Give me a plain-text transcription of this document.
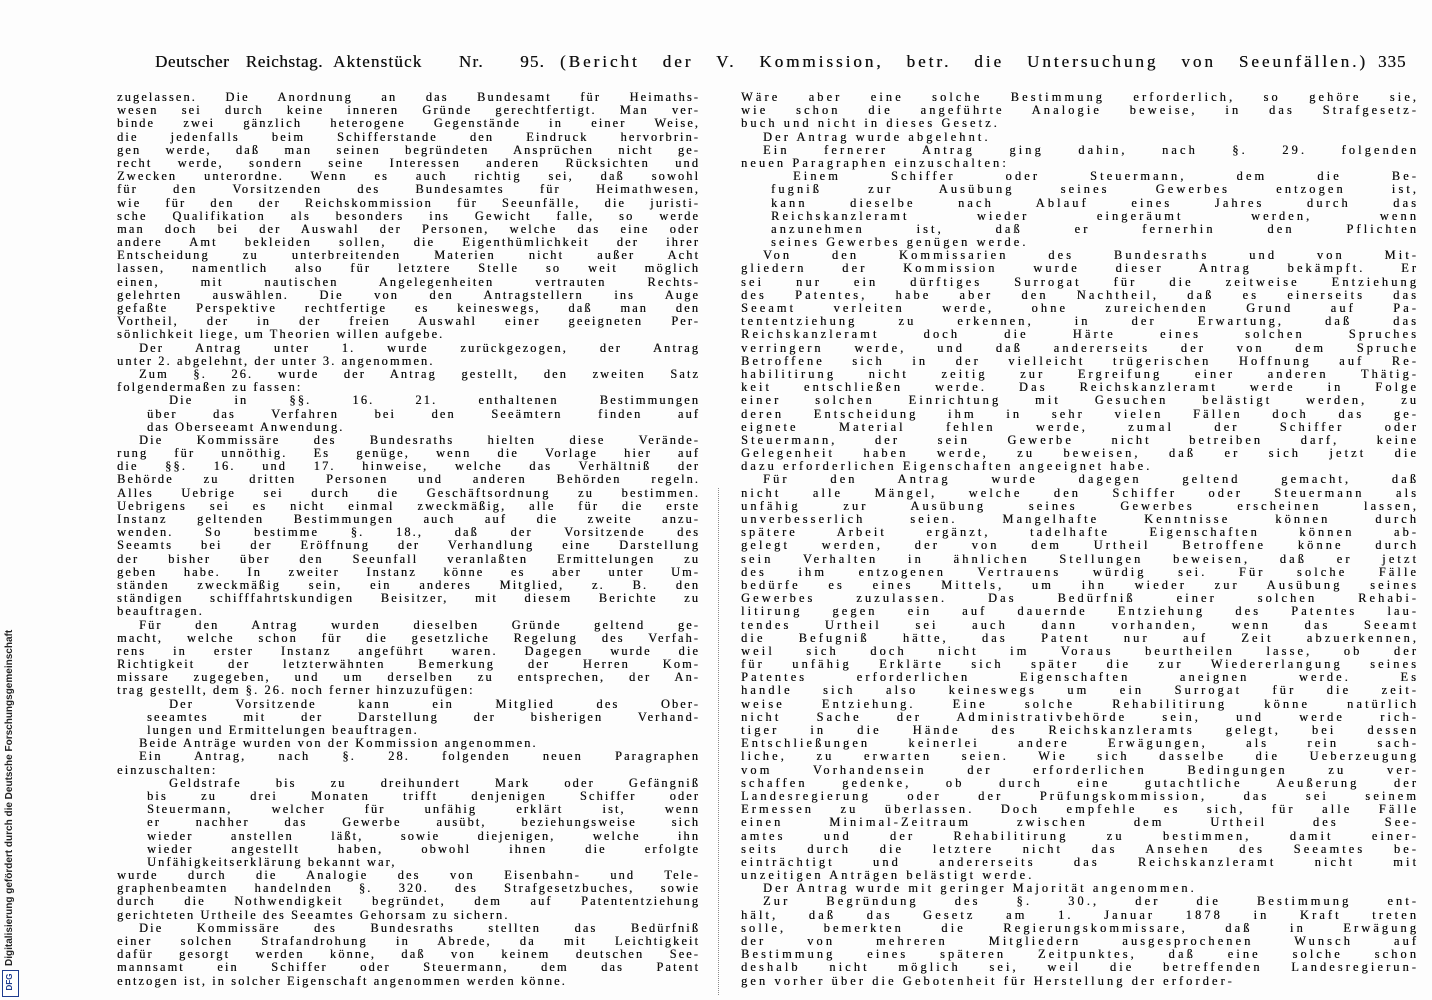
Deutscher Reichstag. Aktenstück Nr. 95. (Bericht der V. Kommission, betr. die Untersuchung von Seeunfällen.) 335
zugelassen. Die Anordnung an das Bundesamt für Heimaths-
wesen sei durch keine inneren Gründe gerechtfertigt. Man ver-
binde zwei gänzlich heterogene Gegenstände in einer Weise,
die jedenfalls beim Schifferstande den Eindruck hervorbrin-
gen werde, daß man seinen begründeten Ansprüchen nicht ge-
recht werde, sondern seine Interessen anderen Rücksichten und
Zwecken unterordne. Wenn es auch richtig sei, daß sowohl
für den Vorsitzenden des Bundesamtes für Heimathwesen,
wie für den der Reichskommission für Seeunfälle, die juristi-
sche Qualifikation als besonders ins Gewicht falle, so werde
man doch bei der Auswahl der Personen, welche das eine oder
andere Amt bekleiden sollen, die Eigenthümlichkeit der ihrer
Entscheidung zu unterbreitenden Materien nicht außer Acht
lassen, namentlich also für letztere Stelle so weit möglich
einen, mit nautischen Angelegenheiten vertrauten Rechts-
gelehrten auswählen. Die von den Antragstellern ins Auge
gefaßte Perspektive rechtfertige es keineswegs, daß man den
Vortheil, der in der freien Auswahl einer geeigneten Per-
sönlichkeit liege, um Theorien willen aufgebe.
Der Antrag unter 1. wurde zurückgezogen, der Antrag
unter 2. abgelehnt, der unter 3. angenommen.
Zum §. 26. wurde der Antrag gestellt, den zweiten Satz
folgendermaßen zu fassen:
Die in §§. 16. 21. enthaltenen Bestimmungen
über das Verfahren bei den Seeämtern finden auf
das Oberseeamt Anwendung.
Die Kommissäre des Bundesraths hielten diese Verände-
rung für unnöthig. Es genüge, wenn die Vorlage hier auf
die §§. 16. und 17. hinweise, welche das Verhältniß der
Behörde zu dritten Personen und anderen Behörden regeln.
Alles Uebrige sei durch die Geschäftsordnung zu bestimmen.
Uebrigens sei es nicht einmal zweckmäßig, alle für die erste
Instanz geltenden Bestimmungen auch auf die zweite anzu-
wenden. So bestimme §. 18., daß der Vorsitzende des
Seeamts bei der Eröffnung der Verhandlung eine Darstellung
der bisher über den Seeunfall veranlaßten Ermittelungen zu
geben habe. In zweiter Instanz könne es aber unter Um-
ständen zweckmäßig sein, ein anderes Mitglied, z. B. den
ständigen schifffahrtskundigen Beisitzer, mit diesem Berichte zu
beauftragen.
Für den Antrag wurden dieselben Gründe geltend ge-
macht, welche schon für die gesetzliche Regelung des Verfah-
rens in erster Instanz angeführt waren. Dagegen wurde die
Richtigkeit der letzterwähnten Bemerkung der Herren Kom-
missare zugegeben, und um derselben zu entsprechen, der An-
trag gestellt, dem §. 26. noch ferner hinzuzufügen:
Der Vorsitzende kann ein Mitglied des Ober-
seeamtes mit der Darstellung der bisherigen Verhand-
lungen und Ermittelungen beauftragen.
Beide Anträge wurden von der Kommission angenommen.
Ein Antrag, nach §. 28. folgenden neuen Paragraphen
einzuschalten:
Geldstrafe bis zu dreihundert Mark oder Gefängniß
bis zu drei Monaten trifft denjenigen Schiffer oder
Steuermann, welcher für unfähig erklärt ist, wenn
er nachher das Gewerbe ausübt, beziehungsweise sich
wieder anstellen läßt, sowie diejenigen, welche ihn
wieder angestellt haben, obwohl ihnen die erfolgte
Unfähigkeitserklärung bekannt war,
wurde durch die Analogie des von Eisenbahn- und Tele-
graphenbeamten handelnden §. 320. des Strafgesetzbuches, sowie
durch die Nothwendigkeit begründet, dem auf Patententziehung
gerichteten Urtheile des Seeamtes Gehorsam zu sichern.
Die Kommissäre des Bundesraths stellten das Bedürfniß
einer solchen Strafandrohung in Abrede, da mit Leichtigkeit
dafür gesorgt werden könne, daß von keinem deutschen See-
mannsamt ein Schiffer oder Steuermann, dem das Patent
entzogen ist, in solcher Eigenschaft angenommen werden könne.
Wäre aber eine solche Bestimmung erforderlich, so gehöre sie,
wie schon die angeführte Analogie beweise, in das Strafgesetz-
buch und nicht in dieses Gesetz.
Der Antrag wurde abgelehnt.
Ein fernerer Antrag ging dahin, nach §. 29. folgenden
neuen Paragraphen einzuschalten:
Einem Schiffer oder Steuermann, dem die Be-
fugniß zur Ausübung seines Gewerbes entzogen ist,
kann dieselbe nach Ablauf eines Jahres durch das
Reichskanzleramt wieder eingeräumt werden, wenn
anzunehmen ist, daß er fernerhin den Pflichten
seines Gewerbes genügen werde.
Von den Kommissarien des Bundesraths und von Mit-
gliedern der Kommission wurde dieser Antrag bekämpft. Er
sei nur ein dürftiges Surrogat für die zeitweise Entziehung
des Patentes, habe aber den Nachtheil, daß es einerseits das
Seeamt verleiten werde, ohne zureichenden Grund auf Pa-
tententziehung zu erkennen, in der Erwartung, daß das
Reichskanzleramt doch die Härte eines solchen Spruches
verringern werde, und daß andererseits der von dem Spruche
Betroffene sich in der vielleicht trügerischen Hoffnung auf Re-
habilitirung nicht zeitig zur Ergreifung einer anderen Thätig-
keit entschließen werde. Das Reichskanzleramt werde in Folge
einer solchen Einrichtung mit Gesuchen belästigt werden, zu
deren Entscheidung ihm in sehr vielen Fällen doch das ge-
eignete Material fehlen werde, zumal der Schiffer oder
Steuermann, der sein Gewerbe nicht betreiben darf, keine
Gelegenheit haben werde, zu beweisen, daß er sich jetzt die
dazu erforderlichen Eigenschaften angeeignet habe.
Für den Antrag wurde dagegen geltend gemacht, daß
nicht alle Mängel, welche den Schiffer oder Steuermann als
unfähig zur Ausübung seines Gewerbes erscheinen lassen,
unverbesserlich seien. Mangelhafte Kenntnisse können durch
spätere Arbeit ergänzt, tadelhafte Eigenschaften können ab-
gelegt werden, der von dem Urtheil Betroffene könne durch
sein Verhalten in ähnlichen Stellungen beweisen, daß er jetzt
des ihm entzogenen Vertrauens würdig sei. Für solche Fälle
bedürfe es eines Mittels, um ihn wieder zur Ausübung seines
Gewerbes zuzulassen. Das Bedürfniß einer solchen Rehabi-
litirung gegen ein auf dauernde Entziehung des Patentes lau-
tendes Urtheil sei auch dann vorhanden, wenn das Seeamt
die Befugniß hätte, das Patent nur auf Zeit abzuerkennen,
weil sich doch nicht im Voraus beurtheilen lasse, ob der
für unfähig Erklärte sich später die zur Wiedererlangung seines
Patentes erforderlichen Eigenschaften aneignen werde. Es
handle sich also keineswegs um ein Surrogat für die zeit-
weise Entziehung. Eine solche Rehabilitirung könne natürlich
nicht Sache der Administrativbehörde sein, und werde rich-
tiger in die Hände des Reichskanzleramts gelegt, bei dessen
Entschließungen keinerlei andere Erwägungen, als rein sach-
liche, zu erwarten seien. Wie sich dasselbe die Ueberzeugung
vom Vorhandensein der erforderlichen Bedingungen zu ver-
schaffen gedenke, ob durch eine gutachtliche Aeußerung der
Landesregierung oder der Prüfungskommission, das sei seinem
Ermessen zu überlassen. Doch empfehle es sich, für alle Fälle
einen Minimal-Zeitraum zwischen dem Urtheil des See-
amtes und der Rehabilitirung zu bestimmen, damit einer-
seits durch die letztere nicht das Ansehen des Seeamtes be-
einträchtigt und andererseits das Reichskanzleramt nicht mit
unzeitigen Anträgen belästigt werde.
Der Antrag wurde mit geringer Majorität angenommen.
Zur Begründung des §. 30., der die Bestimmung ent-
hält, daß das Gesetz am 1. Januar 1878 in Kraft treten
solle, bemerkten die Regierungskommissare, daß in Erwägung
der von mehreren Mitgliedern ausgesprochenen Wunsch auf
Bestimmung eines späteren Zeitpunktes, daß eine solche schon
deshalb nicht möglich sei, weil die betreffenden Landesregierun-
gen vorher über die Gebotenheit für Herstellung der erforder-
Digitalisierung gefördert durch die Deutsche Forschungsgemeinschaft
DFG
